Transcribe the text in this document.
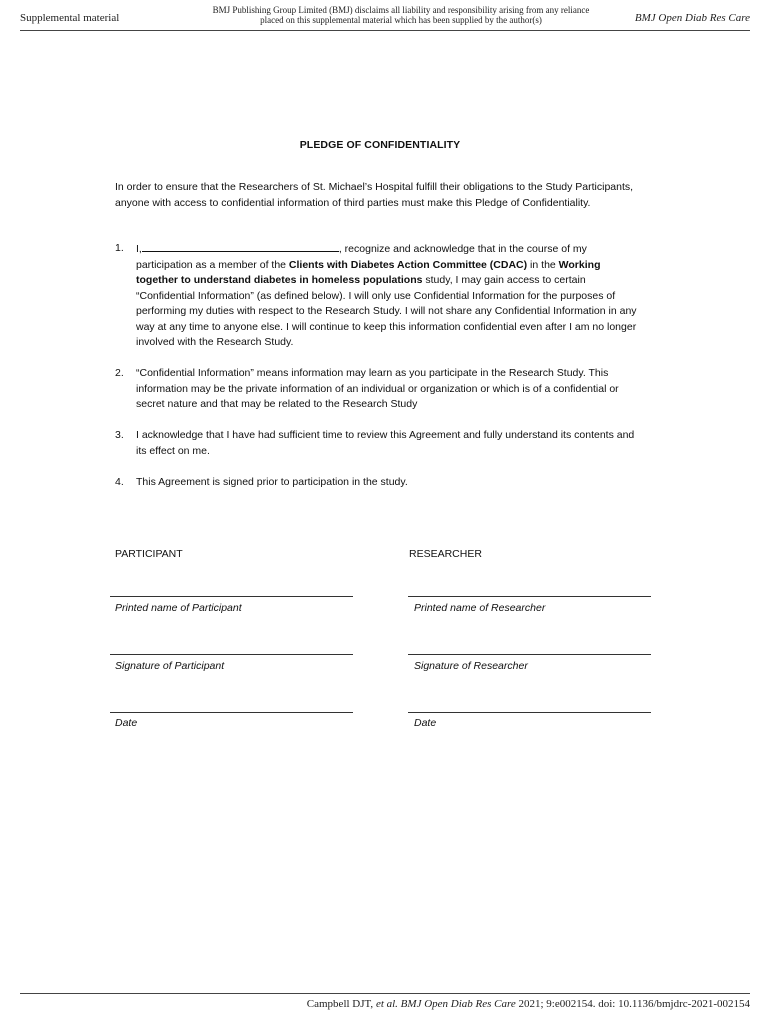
Supplemental material
BMJ Publishing Group Limited (BMJ) disclaims all liability and responsibility arising from any reliance
placed on this supplemental material which has been supplied by the author(s)	BMJ Open Diab Res Care
PLEDGE OF CONFIDENTIALITY
In order to ensure that the Researchers of St. Michael’s Hospital fulfill their obligations to the Study Participants, anyone with access to confidential information of third parties must make this Pledge of Confidentiality.
1. I,	, recognize and acknowledge that in the course of my participation as a member of the Clients with Diabetes Action Committee (CDAC) in the Working together to understand diabetes in homeless populations study, I may gain access to certain “Confidential Information” (as defined below). I will only use Confidential Information for the purposes of performing my duties with respect to the Research Study. I will not share any Confidential Information in any way at any time to anyone else. I will continue to keep this information confidential even after I am no longer involved with the Research Study.
2. “Confidential Information” means information may learn as you participate in the Research Study. This information may be the private information of an individual or organization or which is of a confidential or secret nature and that may be related to the Research Study
3. I acknowledge that I have had sufficient time to review this Agreement and fully understand its contents and its effect on me.
4. This Agreement is signed prior to participation in the study.
PARTICIPANT	RESEARCHER
Printed name of Participant	Printed name of Researcher
Signature of Participant	Signature of Researcher
Date	Date
Campbell DJT, et al. BMJ Open Diab Res Care 2021; 9:e002154. doi: 10.1136/bmjdrc-2021-002154
